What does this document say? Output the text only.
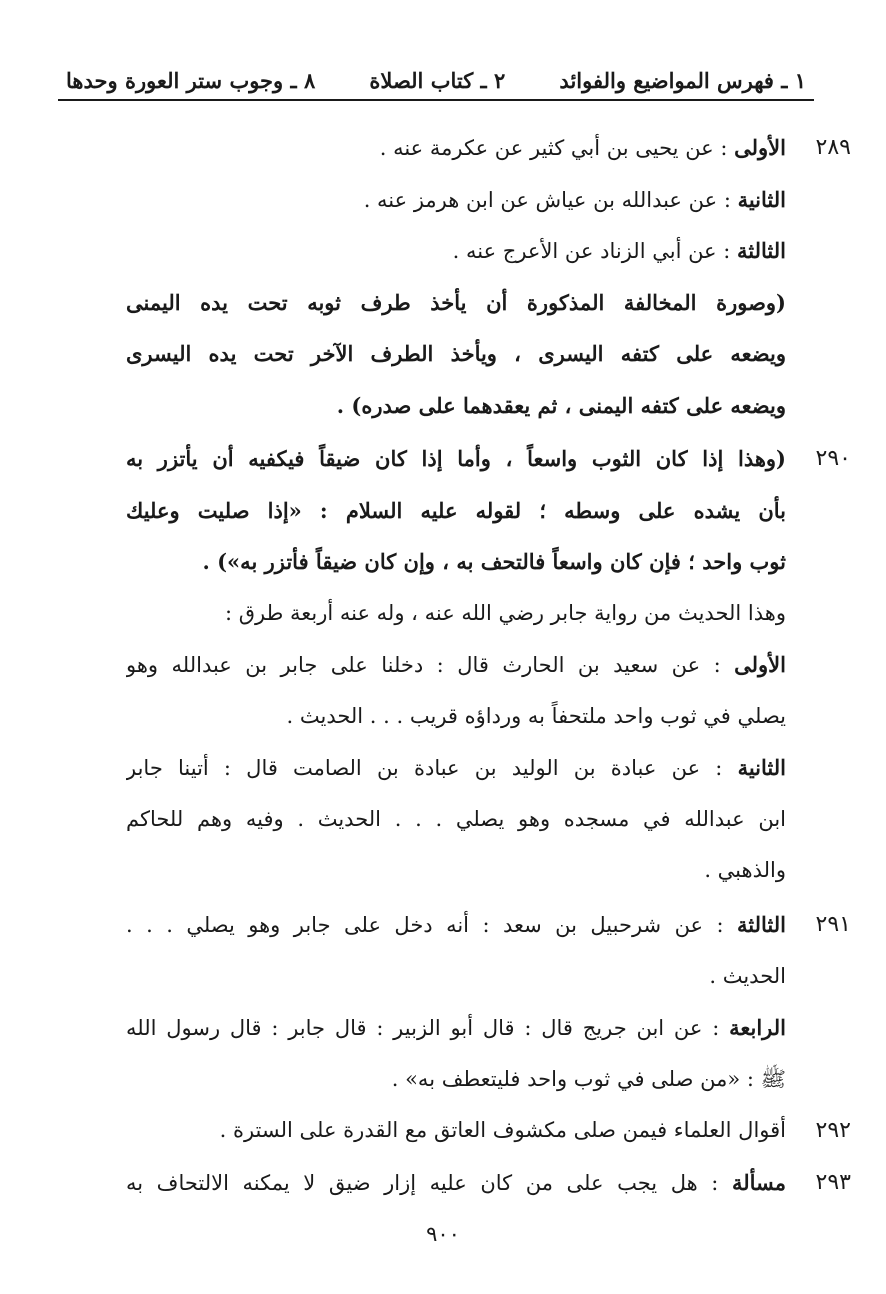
١ ـ فهرس المواضيع والفوائد
٢ ـ كتاب الصلاة
٨ ـ وجوب ستر العورة وحدها
٢٨٩
الأولى : عن يحيى بن أبي كثير عن عكرمة عنه .
الثانية : عن عبدالله بن عياش عن ابن هرمز عنه .
الثالثة : عن أبي الزناد عن الأعرج عنه .
(وصورة المخالفة المذكورة أن يأخذ طرف ثوبه تحت يده اليمنى
ويضعه على كتفه اليسرى ، ويأخذ الطرف الآخر تحت يده اليسرى
ويضعه على كتفه اليمنى ، ثم يعقدهما على صدره) .
٢٩٠
(وهذا إذا كان الثوب واسعاً ، وأما إذا كان ضيقاً فيكفيه أن يأتزر به
بأن يشده على وسطه ؛ لقوله عليه السلام : «إذا صليت وعليك
ثوب واحد ؛ فإن كان واسعاً فالتحف به ، وإن كان ضيقاً فأتزر به») .
وهذا الحديث من رواية جابر رضي الله عنه ، وله عنه أربعة طرق :
الأولى : عن سعيد بن الحارث قال : دخلنا على جابر بن عبدالله وهو
يصلي في ثوب واحد ملتحفاً به ورداؤه قريب . . . الحديث .
الثانية : عن عبادة بن الوليد بن عبادة بن الصامت قال : أتينا جابر
ابن عبدالله في مسجده وهو يصلي . . . الحديث . وفيه وهم للحاكم
والذهبي .
٢٩١
الثالثة : عن شرحبيل بن سعد : أنه دخل على جابر وهو يصلي . . .
الحديث .
الرابعة : عن ابن جريج قال : قال أبو الزبير : قال جابر : قال رسول الله
ﷺ : «من صلى في ثوب واحد فليتعطف به» .
٢٩٢
أقوال العلماء فيمن صلى مكشوف العاتق مع القدرة على السترة .
٢٩٣
مسألة : هل يجب على من كان عليه إزار ضيق لا يمكنه الالتحاف به
٩٠٠
